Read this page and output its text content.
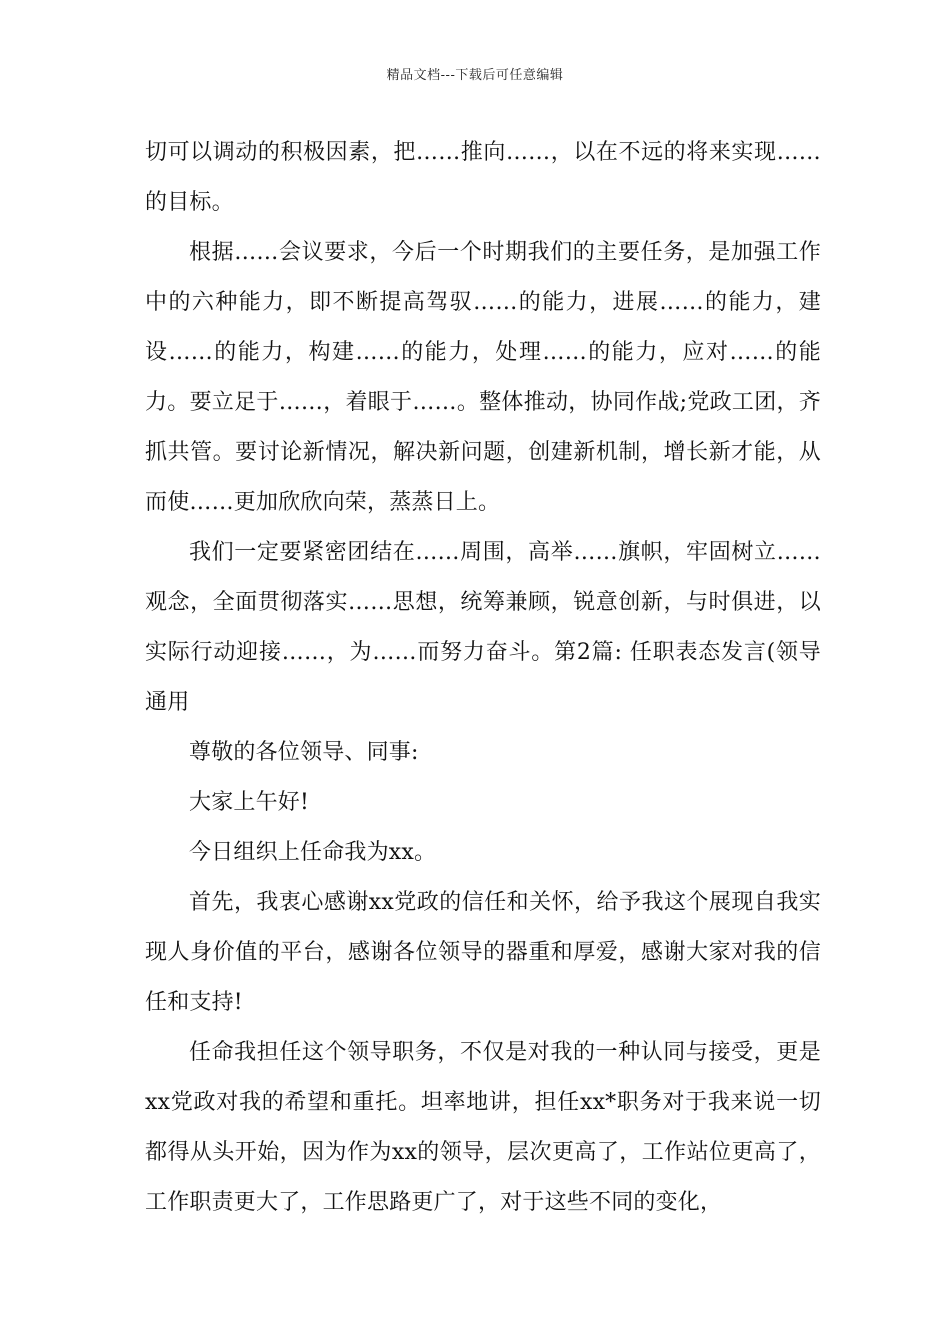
精品文档---下载后可任意编辑

切可以调动的积极因素，把……推向……，以在不远的将来实现……的目标。

根据……会议要求，今后一个时期我们的主要任务，是加强工作中的六种能力，即不断提高驾驭……的能力，进展……的能力，建设……的能力，构建……的能力，处理……的能力，应对……的能力。要立足于……，着眼于……。整体推动，协同作战;党政工团，齐抓共管。要讨论新情况，解决新问题，创建新机制，增长新才能，从而使……更加欣欣向荣，蒸蒸日上。

我们一定要紧密团结在……周围，高举……旗帜，牢固树立……观念，全面贯彻落实……思想，统筹兼顾，锐意创新，与时俱进，以实际行动迎接……，为……而努力奋斗。第2篇: 任职表态发言(领导通用

尊敬的各位领导、同事:

大家上午好!

今日组织上任命我为xx。

首先，我衷心感谢xx党政的信任和关怀，给予我这个展现自我实现人身价值的平台，感谢各位领导的器重和厚爱，感谢大家对我的信任和支持!

任命我担任这个领导职务，不仅是对我的一种认同与接受，更是xx党政对我的希望和重托。坦率地讲，担任xx*职务对于我来说一切都得从头开始，因为作为xx的领导，层次更高了，工作站位更高了，工作职责更大了，工作思路更广了，对于这些不同的变化，
